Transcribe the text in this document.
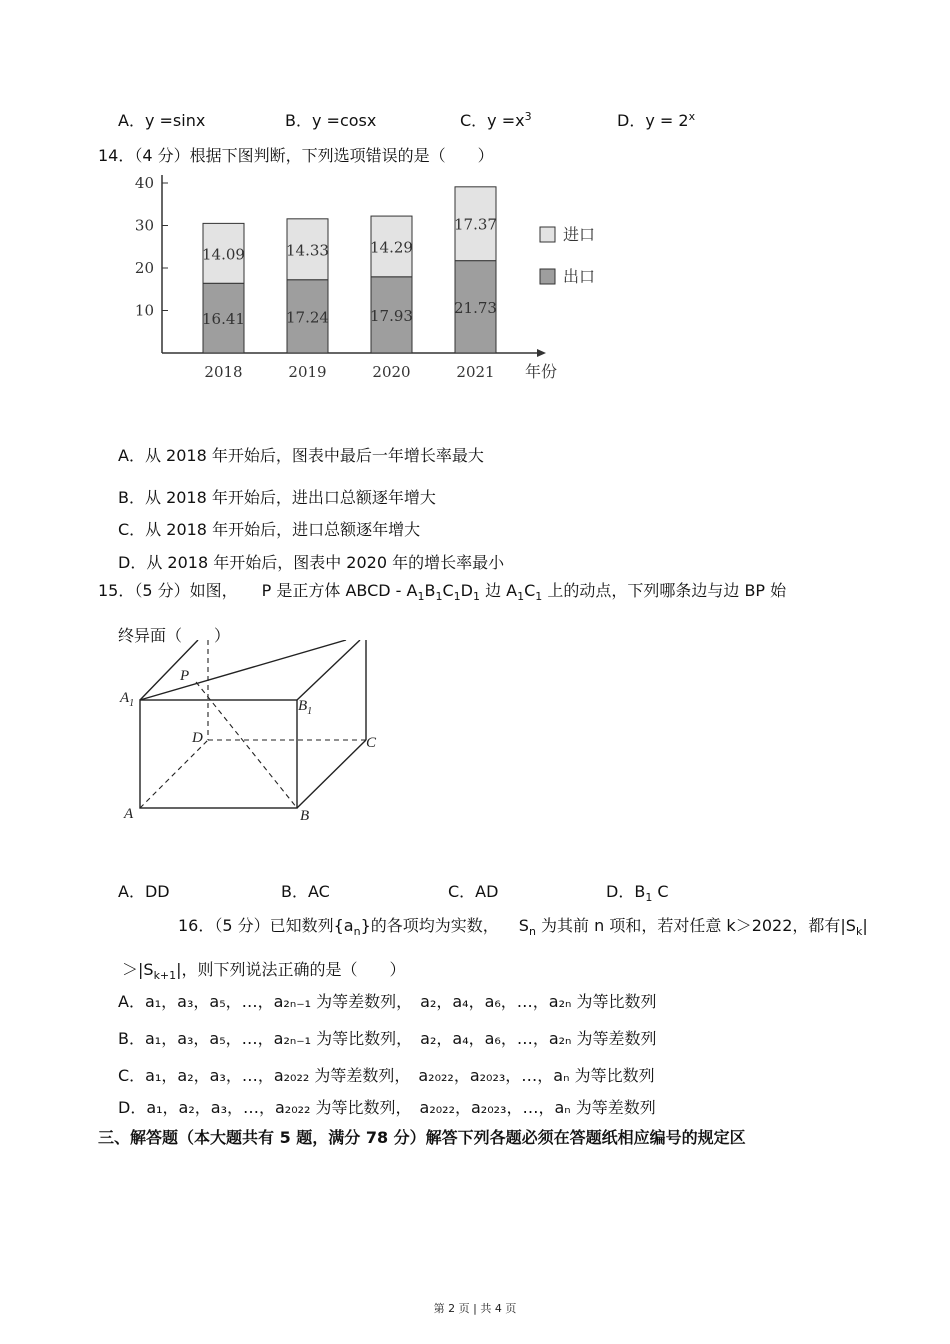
A．y =sinx	B．y =cosx	C．$y =x^3$	D．$y = 2^x$
14．（4 分）根据下图判断，下列选项错误的是（　　）
10
20
30
40
16.41
14.09
2018
17.24
14.33
2019
17.93
14.29
2020
21.73
17.37
2021 年份
进口
出口
A．从 2018 年开始后，图表中最后一年增长率最大
B．从 2018 年开始后，进出口总额逐年增大
C．从 2018 年开始后，进口总额逐年增大
D．从 2018 年开始后，图表中 2020 年的增长率最小
15．（5 分）如图， P 是正方体 ABCD - $A_1B_1C_1D_1$ 边 $A_1C_1$ 上的动点，下列哪条边与边 BP 始
终异面（　　）
$A_1$	$B_1$
P
D	C
A	B
A．DD	B．AC	C．AD	D．$B_1$ C
16．（5 分）已知数列$\{a_n\}$的各项均为实数， $S_n$ 为其前 n 项和，若对任意 k＞2022，都有$|S_k|$
$>|S_{k+1}|$，则下列说法正确的是（　　）
A．a₁，a₃，a₅，…，a₂ₙ₋₁ 为等差数列，　a₂，a₄，a₆，…，a₂ₙ 为等比数列
B．a₁，a₃，a₅，…，a₂ₙ₋₁ 为等比数列，　a₂，a₄，a₆，…，a₂ₙ 为等差数列
C．a₁，a₂，a₃，…，a₂₀₂₂ 为等差数列，　a₂₀₂₂，a₂₀₂₃，…，aₙ 为等比数列
D．a₁，a₂，a₃，…，a₂₀₂₂ 为等比数列，　a₂₀₂₂，a₂₀₂₃，…，aₙ 为等差数列
三、解答题（本大题共有 5 题，满分 78 分）解答下列各题必须在答题纸相应编号的规定区
第 2 页 | 共 4 页
